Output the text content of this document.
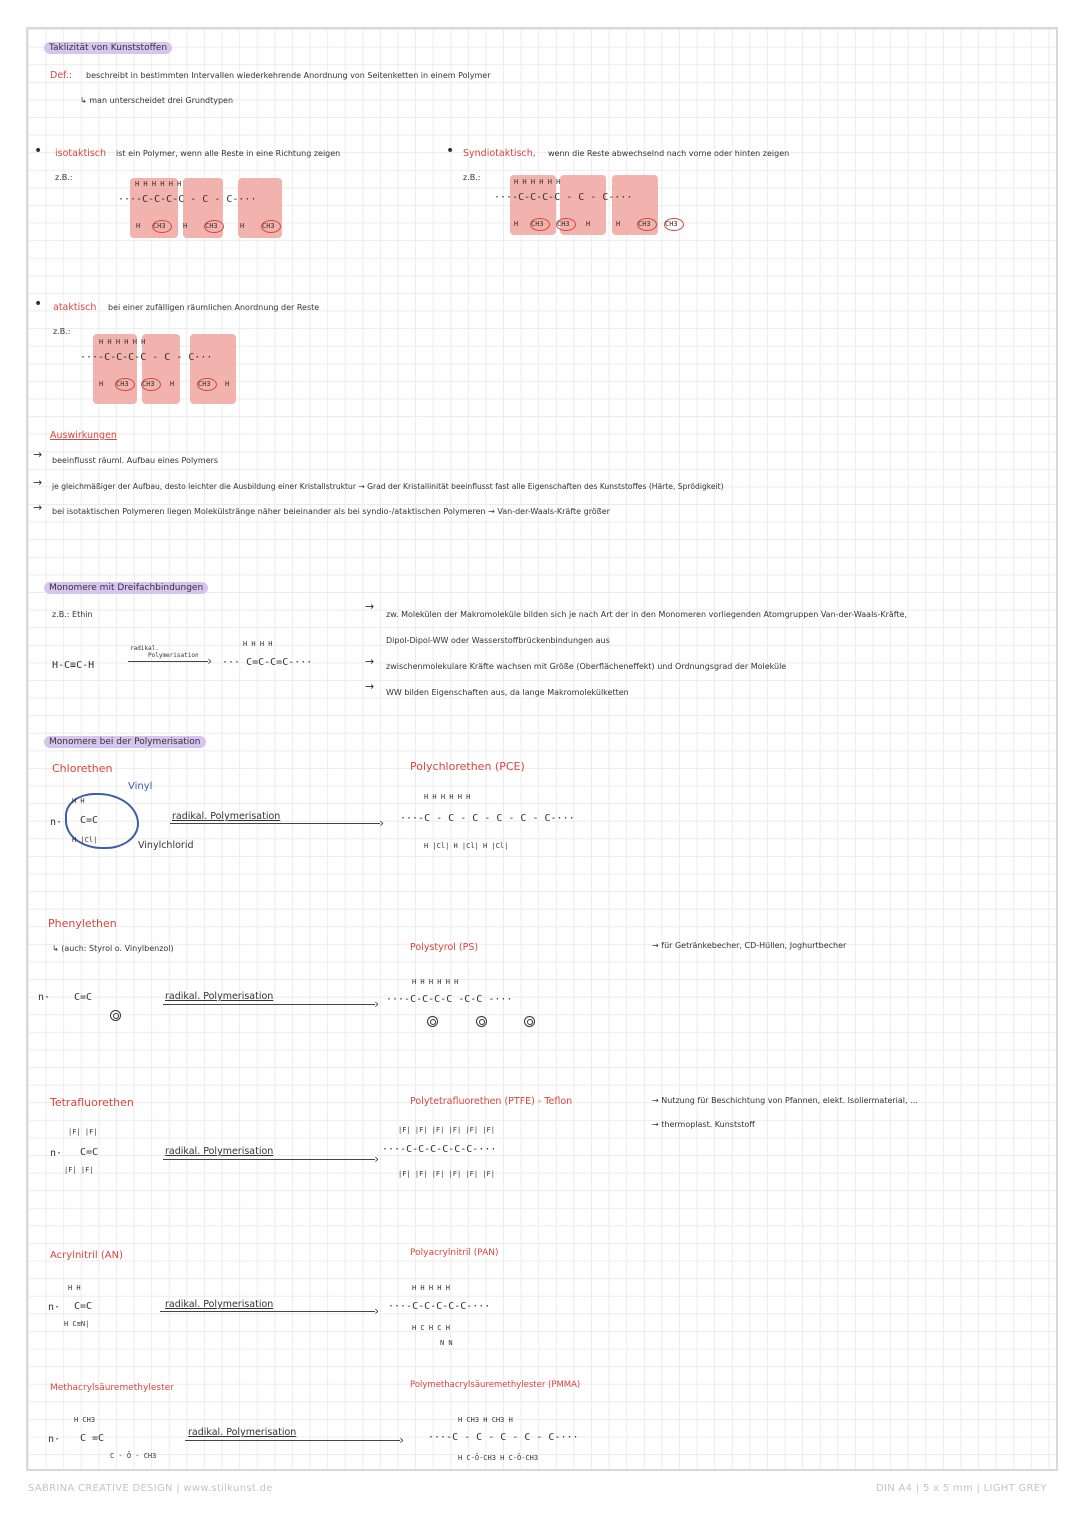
Taklizität von Kunststoffen
Def.: beschreibt in bestimmten Intervallen wiederkehrende Anordnung von Seitenketten in einem Polymer
↳ man unterscheidet drei Grundtypen
• isotaktisch ist ein Polymer, wenn alle Reste in eine Richtung zeigen
z.B.:
H H H H H H
···-C-C-C-C - C - C-···
H CH3 H	CH3	H	CH3
• Syndiotaktisch, wenn die Reste abwechselnd nach vorne oder hinten zeigen
z.B.:	H H H H H H
···-C-C-C-C - C - C-···
H CH3 CH3 H	H	CH3 CH3
• ataktisch bei einer zufälligen räumlichen Anordnung der Reste
z.B.:
H H H H H H
···-C-C-C-C - C - C···
H CH3 CH3 H	CH3 H
Auswirkungen
→ beeinflusst räuml. Aufbau eines Polymers
→ je gleichmäßiger der Aufbau, desto leichter die Ausbildung einer Kristallstruktur → Grad der Kristallinität beeinflusst fast alle Eigenschaften des Kunststoffes (Härte, Sprödigkeit)
→ bei isotaktischen Polymeren liegen Molekülstränge näher beieinander als bei syndio-/ataktischen Polymeren → Van-der-Waals-Kräfte größer
Monomere mit Dreifachbindungen
z.B.: Ethin
H-C≡C-H
radikal.
Polymerisation
›
H H H H
··· C=C-C=C-···
→
zw. Molekülen der Makromoleküle bilden sich je nach Art der in den Monomeren vorliegenden Atomgruppen Van-der-Waals-Kräfte,
Dipol-Dipol-WW oder Wasserstoffbrückenbindungen aus
→ zwischenmolekulare Kräfte wachsen mit Größe (Oberflächeneffekt) und Ordnungsgrad der Moleküle
→ WW bilden Eigenschaften aus, da lange Makromolekülketten
Monomere bei der Polymerisation
Chlorethen
Vinyl
n·
H H
C=C
H |Cl|	Vinylchlorid
radikal. Polymerisation
›
Polychlorethen (PCE)
H H H H H H
···-C - C - C - C - C - C-···
H |Cl| H |Cl| H |Cl|
Phenylethen
↳ (auch: Styrol o. Vinylbenzol)
n· C=C	radikal. Polymerisation
›
Polystyrol (PS)
H H H H H H
···-C-C-C-C -C-C -···
→ für Getränkebecher, CD-Hüllen, Joghurtbecher
Tetrafluorethen
n·
|F| |F|
C=C
|F| |F|
radikal. Polymerisation
›
Polytetrafluorethen (PTFE) - Teflon
|F| |F| |F| |F| |F| |F|
···-C-C-C-C-C-C-···
|F| |F| |F| |F| |F| |F|
→ Nutzung für Beschichtung von Pfannen, elekt. Isoliermaterial, ...
→ thermoplast. Kunststoff
Acrylnitril (AN)
n·
H H
C=C
H C≡N|
radikal. Polymerisation
›
Polyacrylnitril (PAN)
H H H H H
···-C-C-C-C-C-···
H C H C H
N N
Methacrylsäuremethylester
n·
H CH3
C =C
C - Ō - CH3
radikal. Polymerisation
›
Polymethacrylsäuremethylester (PMMA)
H CH3 H CH3 H
···-C - C - C - C - C-···
H C-Ō-CH3 H C-Ō-CH3
SABRINA CREATIVE DESIGN | www.stilkunst.de	DIN A4 | 5 x 5 mm | LIGHT GREY
